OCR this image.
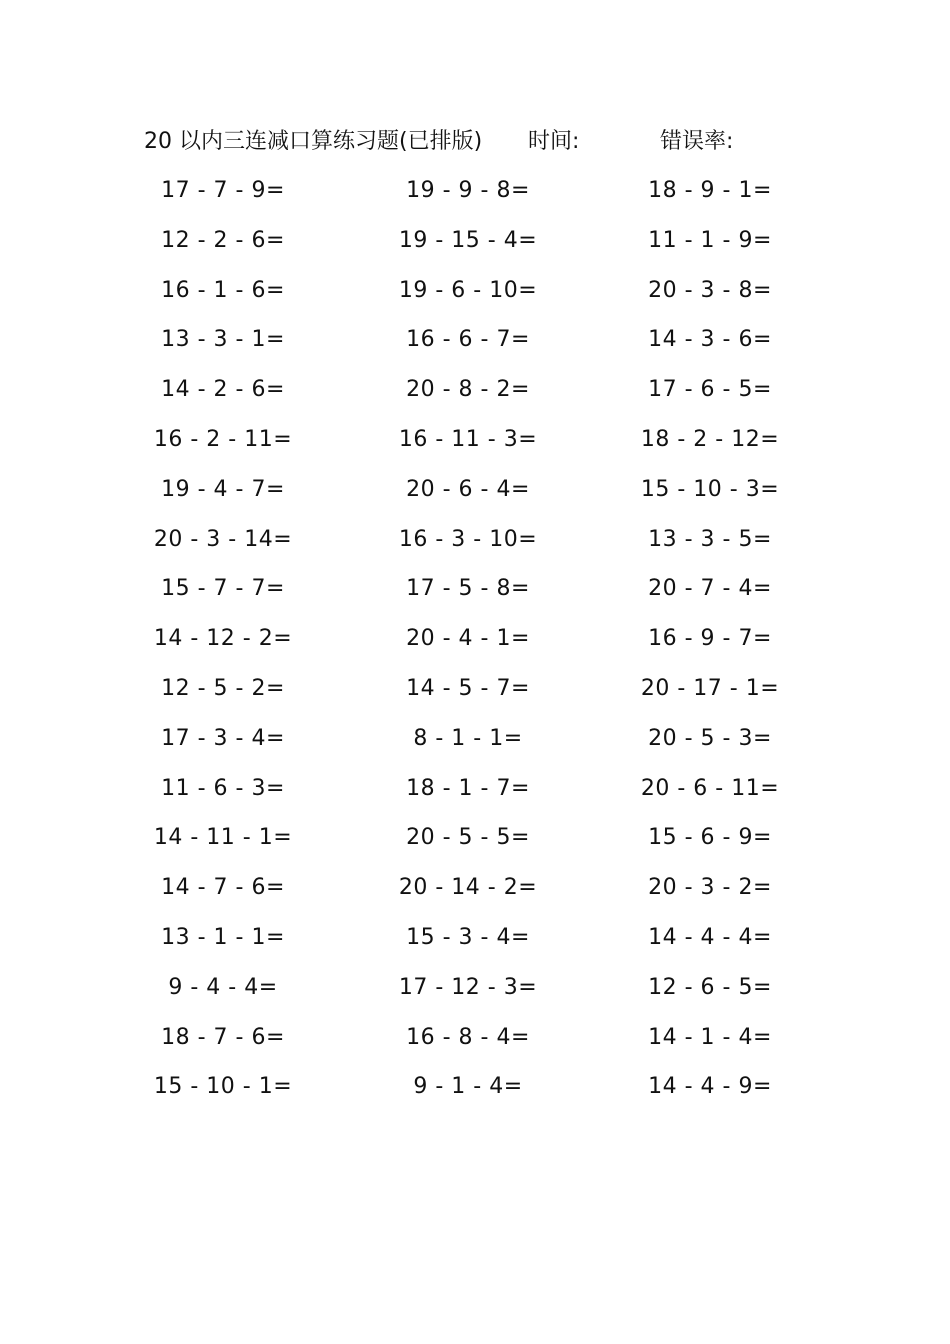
20 以内三连减口算练习题(已排版) 时间:	错误率:
17 - 7 - 9=	19 - 9 - 8=	18 - 9 - 1=
12 - 2 - 6=	19 - 15 - 4=	11 - 1 - 9=
16 - 1 - 6=	19 - 6 - 10=	20 - 3 - 8=
13 - 3 - 1=	16 - 6 - 7=	14 - 3 - 6=
14 - 2 - 6=	20 - 8 - 2=	17 - 6 - 5=
16 - 2 - 11=	16 - 11 - 3=	18 - 2 - 12=
19 - 4 - 7=	20 - 6 - 4=	15 - 10 - 3=
20 - 3 - 14=	16 - 3 - 10=	13 - 3 - 5=
15 - 7 - 7=	17 - 5 - 8=	20 - 7 - 4=
14 - 12 - 2=	20 - 4 - 1=	16 - 9 - 7=
12 - 5 - 2=	14 - 5 - 7=	20 - 17 - 1=
17 - 3 - 4=	8 - 1 - 1=	20 - 5 - 3=
11 - 6 - 3=	18 - 1 - 7=	20 - 6 - 11=
14 - 11 - 1=	20 - 5 - 5=	15 - 6 - 9=
14 - 7 - 6=	20 - 14 - 2=	20 - 3 - 2=
13 - 1 - 1=	15 - 3 - 4=	14 - 4 - 4=
9 - 4 - 4=	17 - 12 - 3=	12 - 6 - 5=
18 - 7 - 6=	16 - 8 - 4=	14 - 1 - 4=
15 - 10 - 1=	9 - 1 - 4=	14 - 4 - 9=
